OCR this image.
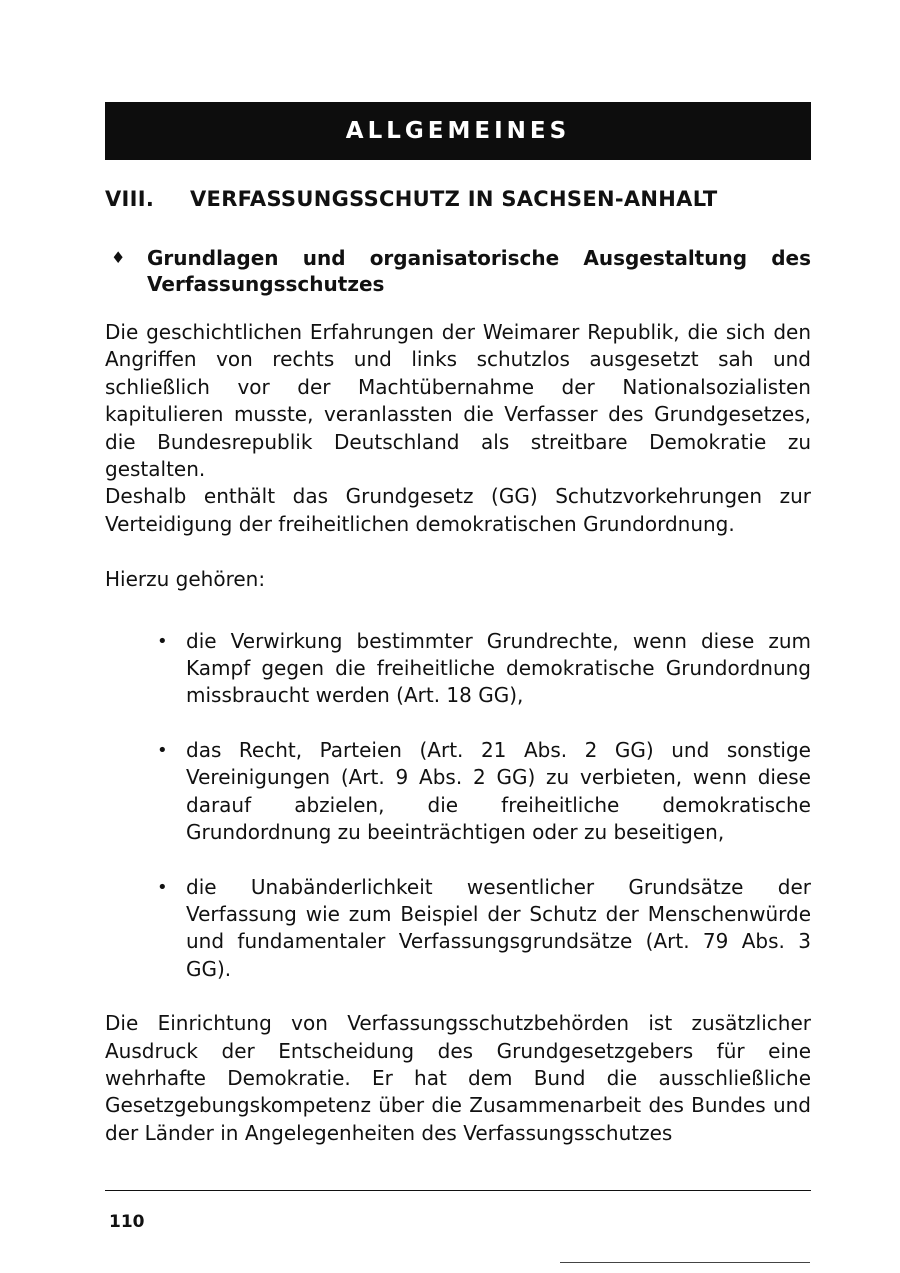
ALLGEMEINES
VIII.	VERFASSUNGSSCHUTZ IN SACHSEN-ANHALT
♦	Grundlagen und organisatorische Ausgestaltung des Verfassungsschutzes

Die geschichtlichen Erfahrungen der Weimarer Republik, die sich den Angriffen von rechts und links schutzlos ausgesetzt sah und schließlich vor der Machtübernahme der Nationalsozialisten kapitulieren musste, veranlassten die Verfasser des Grundgesetzes, die Bundesrepublik Deutschland als streitbare Demokratie zu gestalten.

Deshalb enthält das Grundgesetz (GG) Schutzvorkehrungen zur Verteidigung der freiheitlichen demokratischen Grundordnung.

Hierzu gehören:

• die Verwirkung bestimmter Grundrechte, wenn diese zum Kampf gegen die freiheitliche demokratische Grundordnung missbraucht werden (Art. 18 GG),
• das Recht, Parteien (Art. 21 Abs. 2 GG) und sonstige Vereinigungen (Art. 9 Abs. 2 GG) zu verbieten, wenn diese darauf abzielen, die freiheitliche demokratische Grundordnung zu beeinträchtigen oder zu beseitigen,
• die Unabänderlichkeit wesentlicher Grundsätze der Verfassung wie zum Beispiel der Schutz der Menschenwürde und fundamentaler Verfassungsgrundsätze (Art. 79 Abs. 3 GG).

Die Einrichtung von Verfassungsschutzbehörden ist zusätzlicher Ausdruck der Entscheidung des Grundgesetzgebers für eine wehrhafte Demokratie. Er hat dem Bund die ausschließliche Gesetzgebungskompetenz über die Zusammenarbeit des Bundes und der Länder in Angelegenheiten des Verfassungsschutzes

110
